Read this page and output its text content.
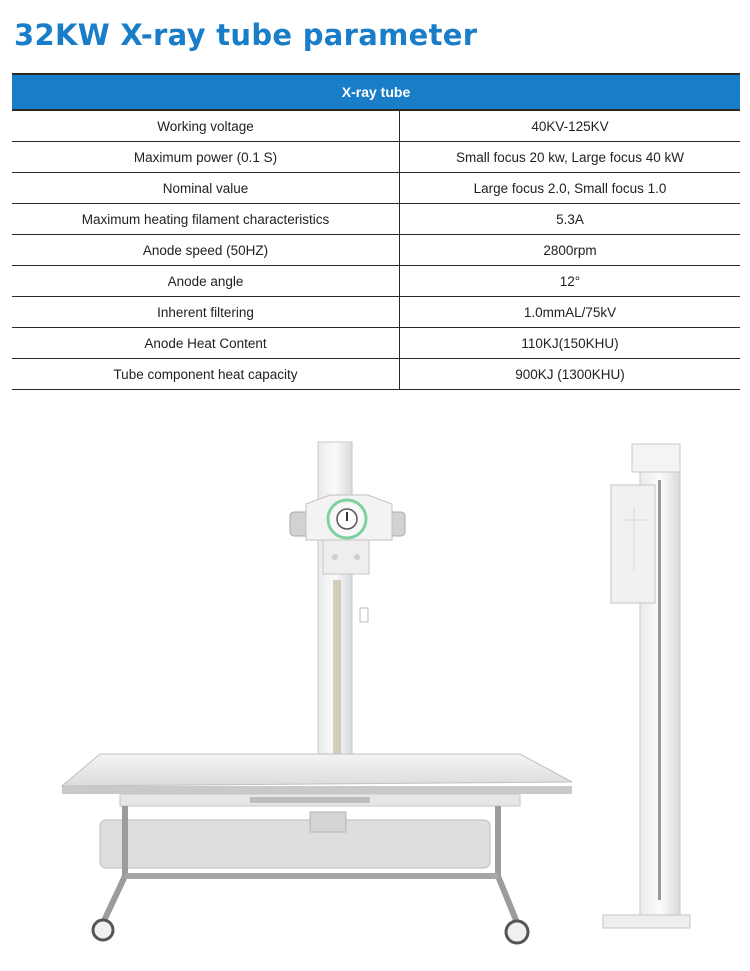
32KW X-ray tube parameter
X-ray tube	
Working voltage	40KV-125KV
Maximum power (0.1 S)	Small focus 20 kw, Large focus 40 kW
Nominal value	Large focus 2.0, Small focus 1.0
Maximum heating filament characteristics	5.3A
Anode speed (50HZ)	2800rpm
Anode angle	12°
Inherent filtering	1.0mmAL/75kV
Anode Heat Content	110KJ(150KHU)
Tube component heat capacity	900KJ (1300KHU)
